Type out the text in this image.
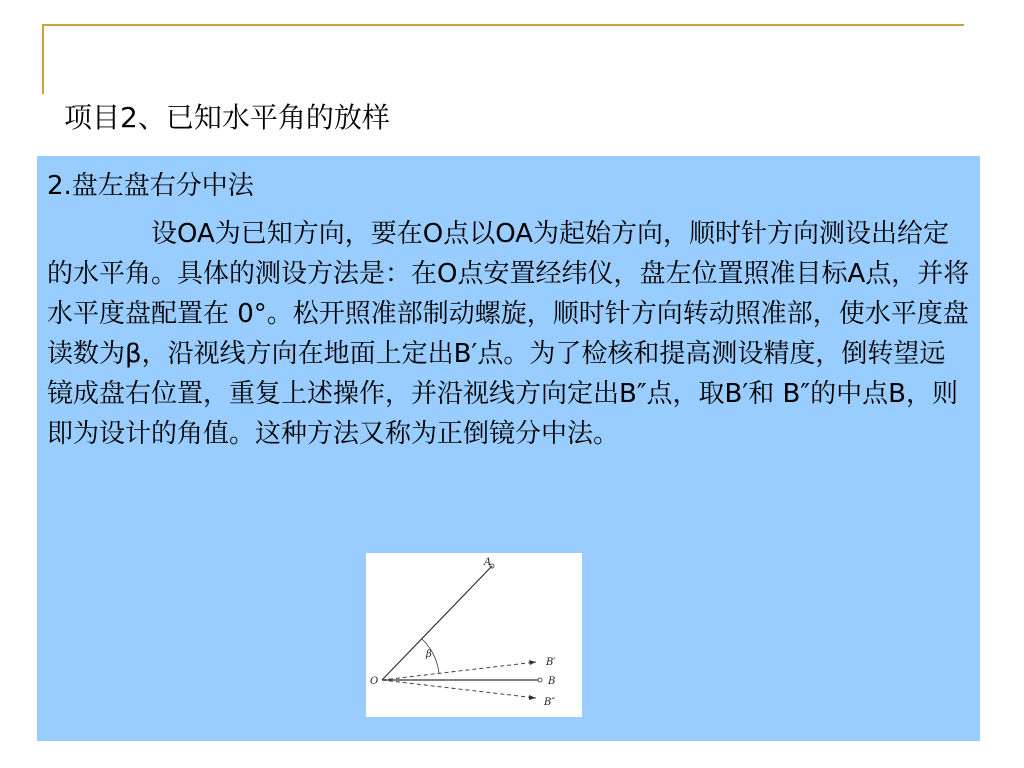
项目2、已知水平角的放样
2.盘左盘右分中法
设OA为已知方向，要在O点以OA为起始方向，顺时针方向测设出给定的水平角。具体的测设方法是：在O点安置经纬仪，盘左位置照准目标A点，并将水平度盘配置在 0°。松开照准部制动螺旋，顺时针方向转动照准部，使水平度盘读数为β，沿视线方向在地面上定出B′点。为了检核和提高测设精度，倒转望远镜成盘右位置，重复上述操作，并沿视线方向定出B″点，取B′和 B″的中点B，则即为设计的角值。这种方法又称为正倒镜分中法。
O
A
β
B′
B
B″
